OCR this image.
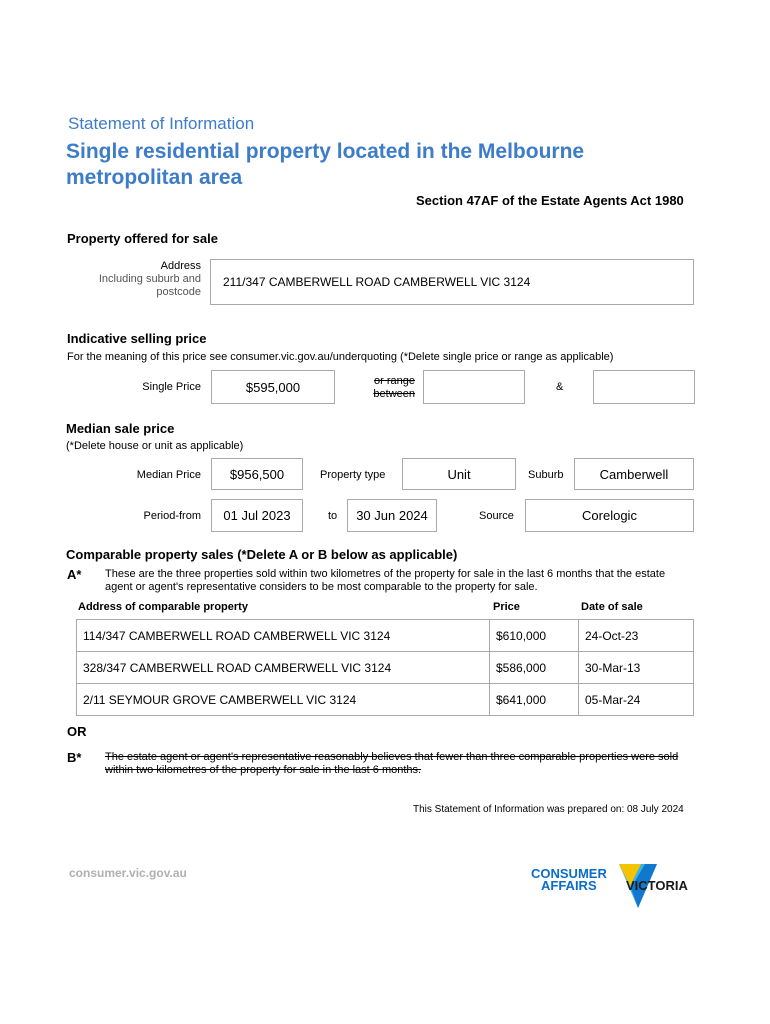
Statement of Information
Single residential property located in the Melbourne metropolitan area
Section 47AF of the Estate Agents Act 1980
Property offered for sale
Address
Including suburb and
postcode
211/347 CAMBERWELL ROAD CAMBERWELL VIC 3124
Indicative selling price
For the meaning of this price see consumer.vic.gov.au/underquoting (*Delete single price or range as applicable)
Single Price	$595,000	or range
between
&
Median sale price
(*Delete house or unit as applicable)
Median Price $956,500	Property type	Unit	Suburb	Camberwell
Period-from 01 Jul 2023	to 30 Jun 2024	Source	Corelogic
Comparable property sales (*Delete A or B below as applicable)
A* These are the three properties sold within two kilometres of the property for sale in the last 6 months that the estate agent or agent's representative considers to be most comparable to the property for sale.
Address of comparable property	Price	Date of sale
114/347 CAMBERWELL ROAD CAMBERWELL VIC 3124	$610,000	24-Oct-23
328/347 CAMBERWELL ROAD CAMBERWELL VIC 3124	$586,000	30-Mar-13
2/11 SEYMOUR GROVE CAMBERWELL VIC 3124	$641,000	05-Mar-24
OR
B* The estate agent or agent's representative reasonably believes that fewer than three comparable properties were sold within two kilometres of the property for sale in the last 6 months.
This Statement of Information was prepared on: 08 July 2024
consumer.vic.gov.au	CONSUMER
AFFAIRS VICTORIA
